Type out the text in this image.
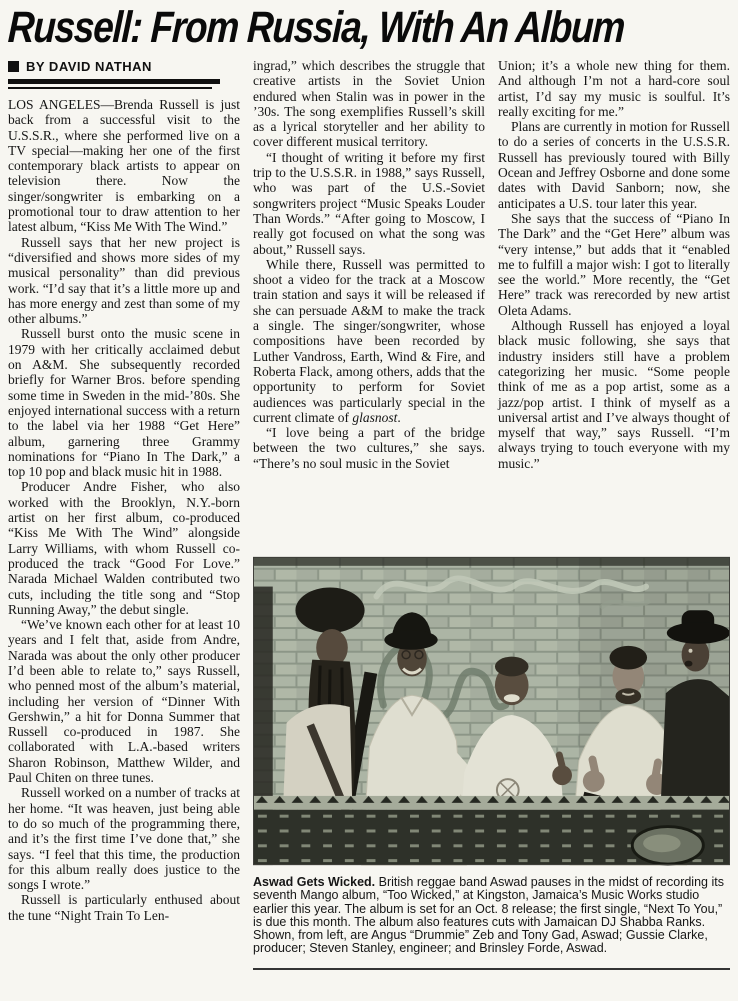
Russell: From Russia, With An Album
BY DAVID NATHAN

LOS ANGELES—Brenda Russell is just back from a successful visit to the U.S.S.R., where she performed live on a TV special—making her one of the first contemporary black artists to appear on television there. Now the singer/songwriter is embarking on a promotional tour to draw attention to her latest album, “Kiss Me With The Wind.”

Russell says that her new project is “diversified and shows more sides of my musical personality” than did previous work. “I’d say that it’s a little more up and has more energy and zest than some of my other albums.”

Russell burst onto the music scene in 1979 with her critically acclaimed debut on A&M. She subsequently recorded briefly for Warner Bros. before spending some time in Sweden in the mid-’80s. She enjoyed international success with a return to the label via her 1988 “Get Here” album, garnering three Grammy nominations for “Piano In The Dark,” a top 10 pop and black music hit in 1988.

Producer Andre Fisher, who also worked with the Brooklyn, N.Y.-born artist on her first album, co-produced “Kiss Me With The Wind” alongside Larry Williams, with whom Russell co-produced the track “Good For Love.” Narada Michael Walden contributed two cuts, including the title song and “Stop Running Away,” the debut single.

“We’ve known each other for at least 10 years and I felt that, aside from Andre, Narada was about the only other producer I’d been able to relate to,” says Russell, who penned most of the album’s material, including her version of “Dinner With Gershwin,” a hit for Donna Summer that Russell co-produced in 1987. She collaborated with L.A.-based writers Sharon Robinson, Matthew Wilder, and Paul Chiten on three tunes.

Russell worked on a number of tracks at her home. “It was heaven, just being able to do so much of the programming there, and it’s the first time I’ve done that,” she says. “I feel that this time, the production for this album really does justice to the songs I wrote.”

Russell is particularly enthused about the tune “Night Train To Len-

ingrad,” which describes the struggle that creative artists in the Soviet Union endured when Stalin was in power in the ’30s. The song exemplifies Russell’s skill as a lyrical storyteller and her ability to cover different musical territory.

“I thought of writing it before my first trip to the U.S.S.R. in 1988,” says Russell, who was part of the U.S.-Soviet songwriters project “Music Speaks Louder Than Words.” “After going to Moscow, I really got focused on what the song was about,” Russell says.

While there, Russell was permitted to shoot a video for the track at a Moscow train station and says it will be released if she can persuade A&M to make the track a single. The singer/songwriter, whose compositions have been recorded by Luther Vandross, Earth, Wind & Fire, and Roberta Flack, among others, adds that the opportunity to perform for Soviet audiences was particularly special in the current climate of glasnost.

“I love being a part of the bridge between the two cultures,” she says. “There’s no soul music in the Soviet

Union; it’s a whole new thing for them. And although I’m not a hard-core soul artist, I’d say my music is soulful. It’s really exciting for me.”

Plans are currently in motion for Russell to do a series of concerts in the U.S.S.R. Russell has previously toured with Billy Ocean and Jeffrey Osborne and done some dates with David Sanborn; now, she anticipates a U.S. tour later this year.

She says that the success of “Piano In The Dark” and the “Get Here” album was “very intense,” but adds that it “enabled me to fulfill a major wish: I got to literally see the world.” More recently, the “Get Here” track was rerecorded by new artist Oleta Adams.

Although Russell has enjoyed a loyal black music following, she says that industry insiders still have a problem categorizing her music. “Some people think of me as a pop artist, some as a jazz/pop artist. I think of myself as a universal artist and I’ve always thought of myself that way,” says Russell. “I’m always trying to touch everyone with my music.”

Aswad Gets Wicked. British reggae band Aswad pauses in the midst of recording its seventh Mango album, “Too Wicked,” at Kingston, Jamaica’s Music Works studio earlier this year. The album is set for an Oct. 8 release; the first single, “Next To You,” is due this month. The album also features cuts with Jamaican DJ Shabba Ranks. Shown, from left, are Angus “Drummie” Zeb and Tony Gad, Aswad; Gussie Clarke, producer; Steven Stanley, engineer; and Brinsley Forde, Aswad.
